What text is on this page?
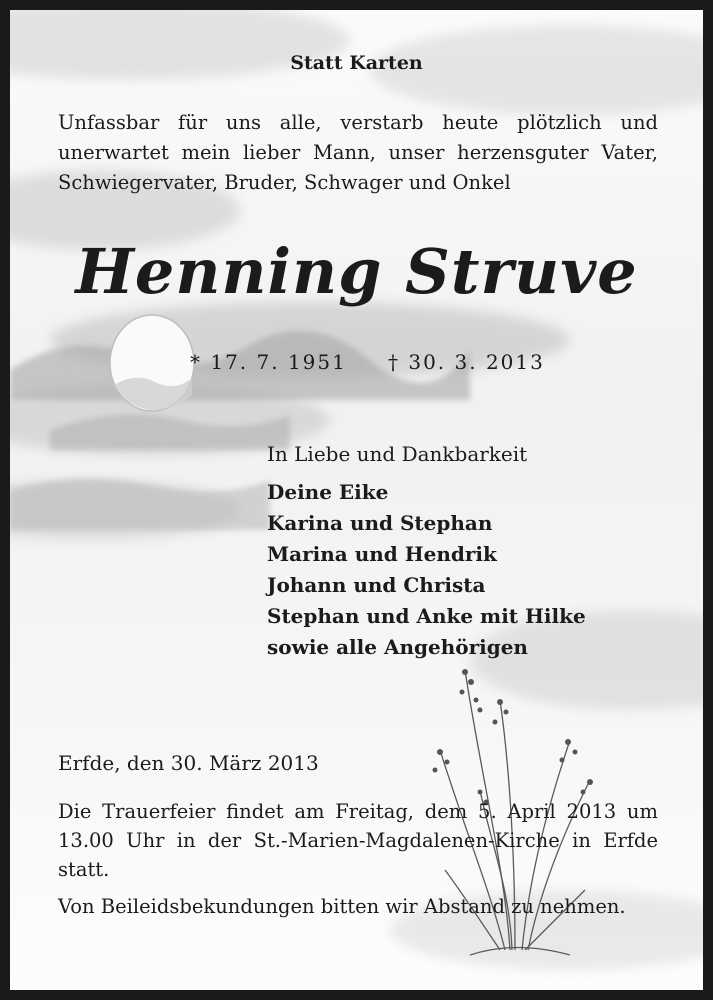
Statt Karten
Unfassbar für uns alle, verstarb heute plötzlich und unerwartet mein lieber Mann, unser herzensguter Vater, Schwiegervater, Bruder, Schwager und Onkel
Henning Struve
* 17. 7. 1951 † 30. 3. 2013
In Liebe und Dankbarkeit
Deine Eike
Karina und Stephan
Marina und Hendrik
Johann und Christa
Stephan und Anke mit Hilke
sowie alle Angehörigen
Erfde, den 30. März 2013
Die Trauerfeier findet am Freitag, dem 5. April 2013 um 13.00 Uhr in der St.-Marien-Magdalenen-Kirche in Erfde statt.
Von Beileidsbekundungen bitten wir Abstand zu nehmen.
